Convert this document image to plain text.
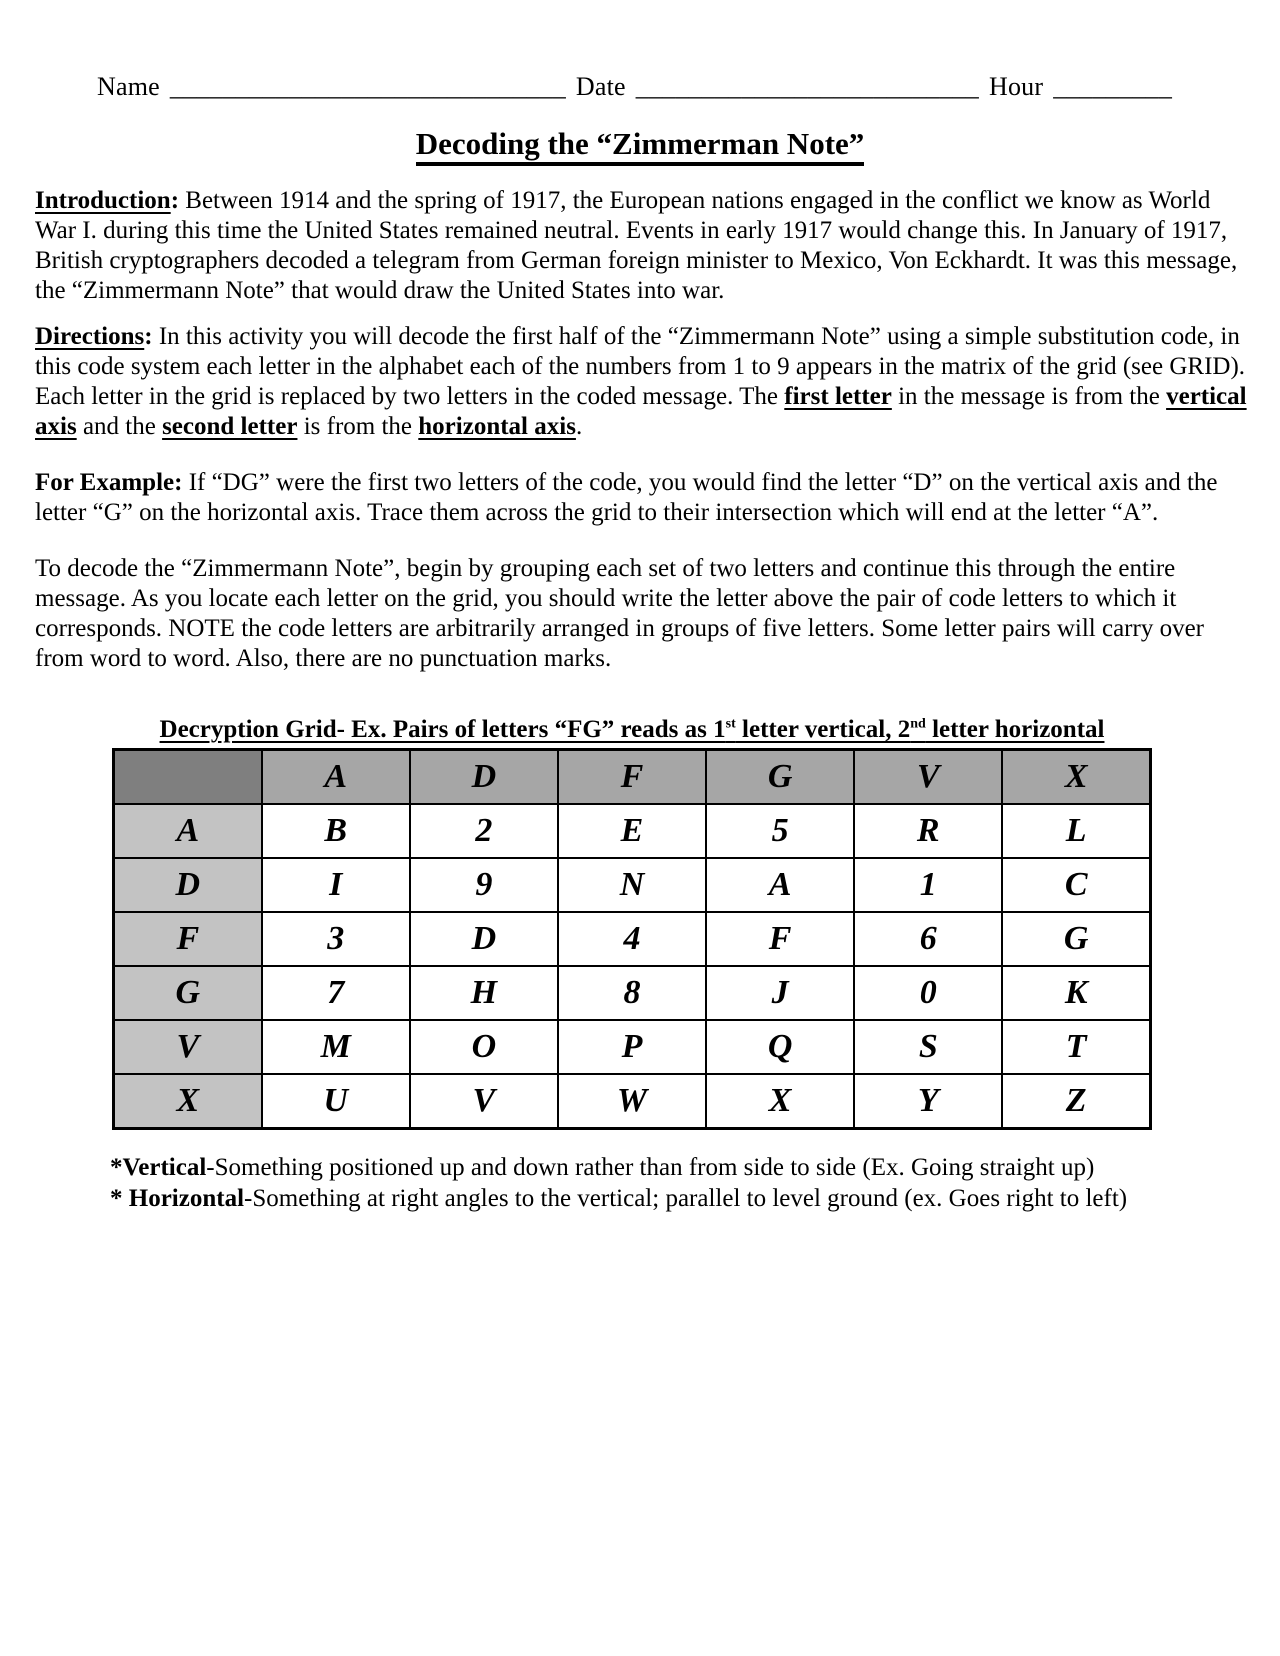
Name ______________________________ Date __________________________ Hour _________
Decoding the “Zimmerman Note”

Introduction: Between 1914 and the spring of 1917, the European nations engaged in the conflict we know as World War I. during this time the United States remained neutral. Events in early 1917 would change this. In January of 1917, British cryptographers decoded a telegram from German foreign minister to Mexico, Von Eckhardt. It was this message, the “Zimmermann Note” that would draw the United States into war.

Directions: In this activity you will decode the first half of the “Zimmermann Note” using a simple substitution code, in this code system each letter in the alphabet each of the numbers from 1 to 9 appears in the matrix of the grid (see GRID). Each letter in the grid is replaced by two letters in the coded message. The first letter in the message is from the vertical axis and the second letter is from the horizontal axis.

For Example: If “DG” were the first two letters of the code, you would find the letter “D” on the vertical axis and the letter “G” on the horizontal axis. Trace them across the grid to their intersection which will end at the letter “A”.

To decode the “Zimmermann Note”, begin by grouping each set of two letters and continue this through the entire message. As you locate each letter on the grid, you should write the letter above the pair of code letters to which it corresponds. NOTE the code letters are arbitrarily arranged in groups of five letters. Some letter pairs will carry over from word to word. Also, there are no punctuation marks.

Decryption Grid- Ex. Pairs of letters “FG” reads as 1st letter vertical, 2nd letter horizontal
	A	D	F	G	V	X
A	B	2	E	5	R	L
D	I	9	N	A	1	C
F	3	D	4	F	6	G
G	7	H	8	J	0	K
V	M	O	P	Q	S	T
X	U	V	W	X	Y	Z

*Vertical-Something positioned up and down rather than from side to side (Ex. Going straight up)

* Horizontal-Something at right angles to the vertical; parallel to level ground (ex. Goes right to left)
